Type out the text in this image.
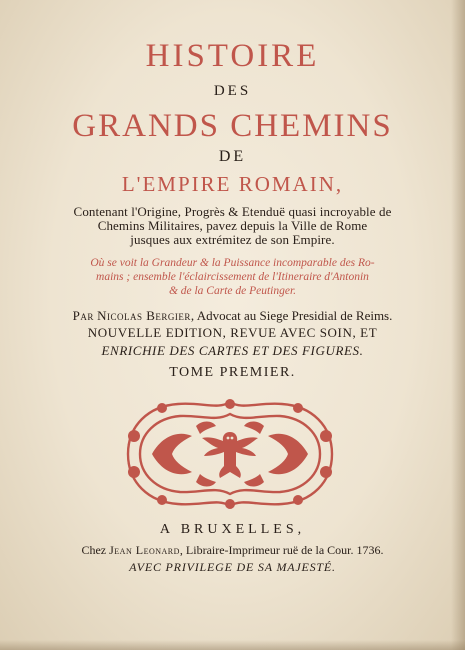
HISTOIRE
DES
GRANDS CHEMINS
DE
L'EMPIRE ROMAIN,
Contenant l'Origine, Progrès & Etenduë quasi incroyable de
Chemins Militaires, pavez depuis la Ville de Rome
jusques aux extrémitez de son Empire.
Où se voit la Grandeur & la Puissance incomparable des Ro-
mains ; ensemble l'éclaircissement de l'Itineraire d'Antonin
& de la Carte de Peutinger.
Par Nicolas Bergier, Advocat au Siege Presidial de Reims.
NOUVELLE EDITION, REVUE AVEC SOIN, ET
ENRICHIE DES CARTES ET DES FIGURES.
TOME PREMIER.
A BRUXELLES,
Chez Jean Leonard, Libraire-Imprimeur ruë de la Cour. 1736.
AVEC PRIVILEGE DE SA MAJESTÉ.
